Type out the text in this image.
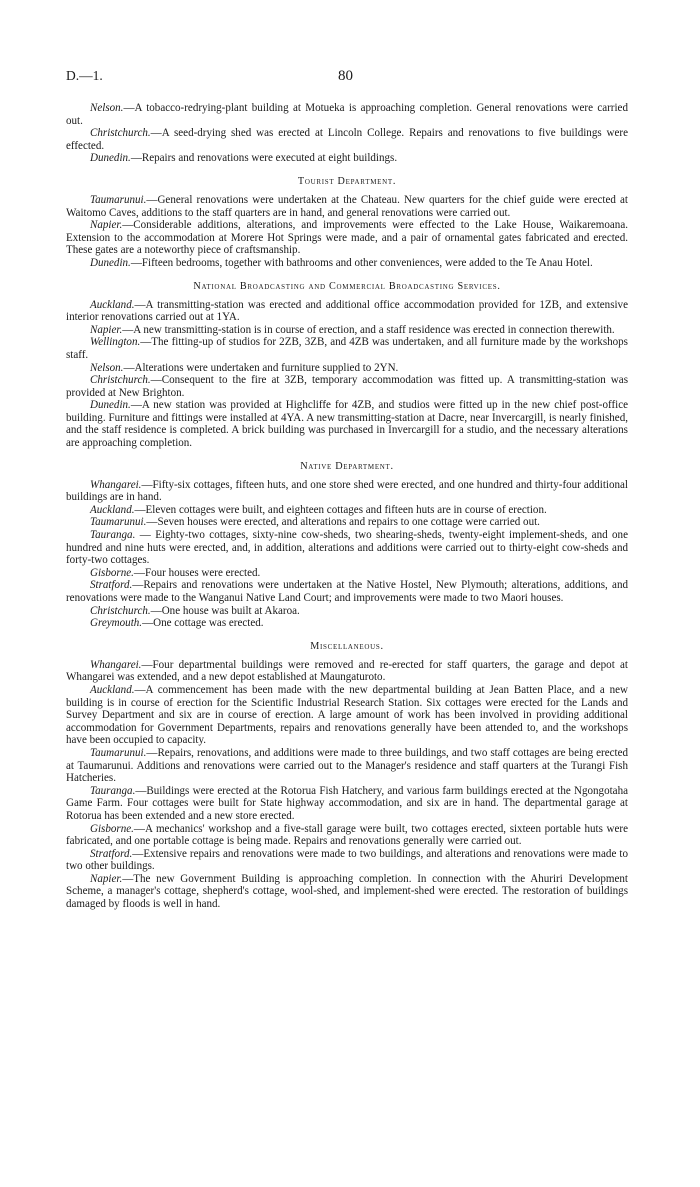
D.—1.	80

Nelson.—A tobacco-redrying-plant building at Motueka is approaching completion. General renovations were carried out.

Christchurch.—A seed-drying shed was erected at Lincoln College. Repairs and renovations to five buildings were effected.

Dunedin.—Repairs and renovations were executed at eight buildings.

Tourist Department.

Taumarunui.—General renovations were undertaken at the Chateau. New quarters for the chief guide were erected at Waitomo Caves, additions to the staff quarters are in hand, and general renovations were carried out.

Napier.—Considerable additions, alterations, and improvements were effected to the Lake House, Waikaremoana. Extension to the accommodation at Morere Hot Springs were made, and a pair of ornamental gates fabricated and erected. These gates are a noteworthy piece of craftsmanship.

Dunedin.—Fifteen bedrooms, together with bathrooms and other conveniences, were added to the Te Anau Hotel.

National Broadcasting and Commercial Broadcasting Services.

Auckland.—A transmitting-station was erected and additional office accommodation provided for 1ZB, and extensive interior renovations carried out at 1YA.

Napier.—A new transmitting-station is in course of erection, and a staff residence was erected in connection therewith.

Wellington.—The fitting-up of studios for 2ZB, 3ZB, and 4ZB was undertaken, and all furniture made by the workshops staff.

Nelson.—Alterations were undertaken and furniture supplied to 2YN.

Christchurch.—Consequent to the fire at 3ZB, temporary accommodation was fitted up. A transmitting-station was provided at New Brighton.

Dunedin.—A new station was provided at Highcliffe for 4ZB, and studios were fitted up in the new chief post-office building. Furniture and fittings were installed at 4YA. A new transmitting-station at Dacre, near Invercargill, is nearly finished, and the staff residence is completed. A brick building was purchased in Invercargill for a studio, and the necessary alterations are approaching completion.

Native Department.

Whangarei.—Fifty-six cottages, fifteen huts, and one store shed were erected, and one hundred and thirty-four additional buildings are in hand.

Auckland.—Eleven cottages were built, and eighteen cottages and fifteen huts are in course of erection.

Taumarunui.—Seven houses were erected, and alterations and repairs to one cottage were carried out.

Tauranga. — Eighty-two cottages, sixty-nine cow-sheds, two shearing-sheds, twenty-eight implement-sheds, and one hundred and nine huts were erected, and, in addition, alterations and additions were carried out to thirty-eight cow-sheds and forty-two cottages.

Gisborne.—Four houses were erected.

Stratford.—Repairs and renovations were undertaken at the Native Hostel, New Plymouth; alterations, additions, and renovations were made to the Wanganui Native Land Court; and improvements were made to two Maori houses.

Christchurch.—One house was built at Akaroa.

Greymouth.—One cottage was erected.

Miscellaneous.

Whangarei.—Four departmental buildings were removed and re-erected for staff quarters, the garage and depot at Whangarei was extended, and a new depot established at Maungaturoto.

Auckland.—A commencement has been made with the new departmental building at Jean Batten Place, and a new building is in course of erection for the Scientific Industrial Research Station. Six cottages were erected for the Lands and Survey Department and six are in course of erection. A large amount of work has been involved in providing additional accommodation for Government Departments, repairs and renovations generally have been attended to, and the workshops have been occupied to capacity.

Taumarunui.—Repairs, renovations, and additions were made to three buildings, and two staff cottages are being erected at Taumarunui. Additions and renovations were carried out to the Manager's residence and staff quarters at the Turangi Fish Hatcheries.

Tauranga.—Buildings were erected at the Rotorua Fish Hatchery, and various farm buildings erected at the Ngongotaha Game Farm. Four cottages were built for State highway accommodation, and six are in hand. The departmental garage at Rotorua has been extended and a new store erected.

Gisborne.—A mechanics' workshop and a five-stall garage were built, two cottages erected, sixteen portable huts were fabricated, and one portable cottage is being made. Repairs and renovations generally were carried out.

Stratford.—Extensive repairs and renovations were made to two buildings, and alterations and renovations were made to two other buildings.

Napier.—The new Government Building is approaching completion. In connection with the Ahuriri Development Scheme, a manager's cottage, shepherd's cottage, wool-shed, and implement-shed were erected. The restoration of buildings damaged by floods is well in hand.
